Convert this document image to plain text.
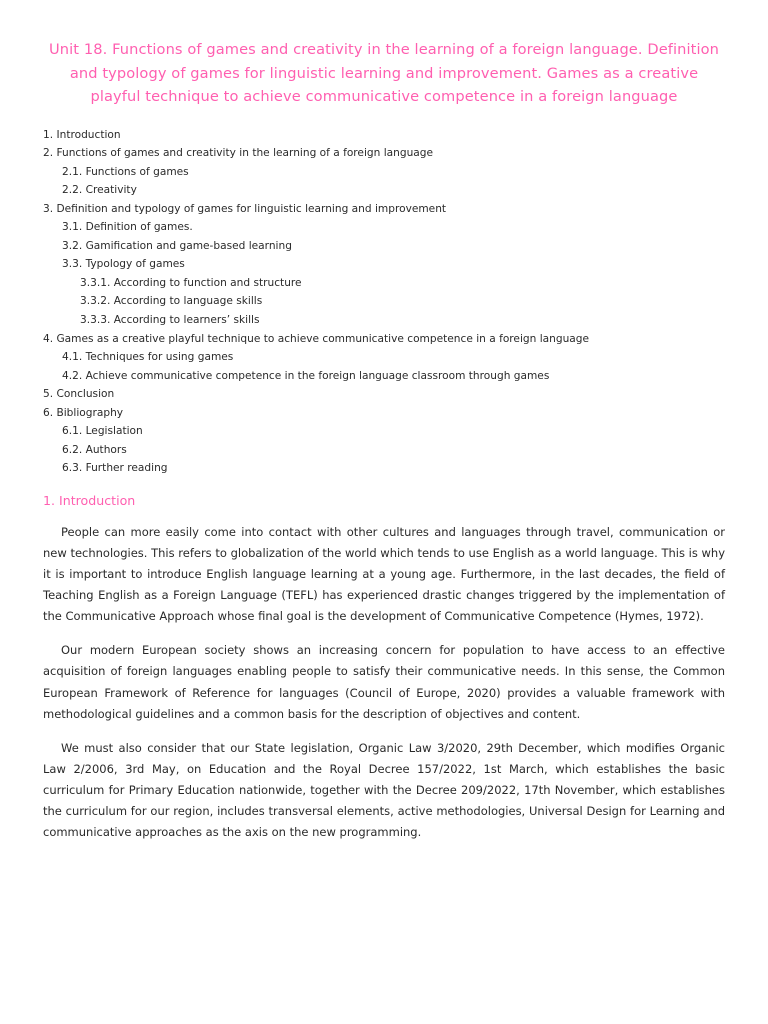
Unit 18. Functions of games and creativity in the learning of a foreign language. Definition and typology of games for linguistic learning and improvement. Games as a creative playful technique to achieve communicative competence in a foreign language
1. Introduction
2. Functions of games and creativity in the learning of a foreign language
2.1. Functions of games
2.2. Creativity
3. Definition and typology of games for linguistic learning and improvement
3.1. Definition of games.
3.2. Gamification and game-based learning
3.3. Typology of games
3.3.1. According to function and structure
3.3.2. According to language skills
3.3.3. According to learners’ skills
4. Games as a creative playful technique to achieve communicative competence in a foreign language
4.1. Techniques for using games
4.2. Achieve communicative competence in the foreign language classroom through games
5. Conclusion
6. Bibliography
6.1. Legislation
6.2. Authors
6.3. Further reading
1. Introduction

People can more easily come into contact with other cultures and languages through travel, communication or new technologies. This refers to globalization of the world which tends to use English as a world language. This is why it is important to introduce English language learning at a young age. Furthermore, in the last decades, the field of Teaching English as a Foreign Language (TEFL) has experienced drastic changes triggered by the implementation of the Communicative Approach whose final goal is the development of Communicative Competence (Hymes, 1972).

Our modern European society shows an increasing concern for population to have access to an effective acquisition of foreign languages enabling people to satisfy their communicative needs. In this sense, the Common European Framework of Reference for languages (Council of Europe, 2020) provides a valuable framework with methodological guidelines and a common basis for the description of objectives and content.

We must also consider that our State legislation, Organic Law 3/2020, 29th December, which modifies Organic Law 2/2006, 3rd May, on Education and the Royal Decree 157/2022, 1st March, which establishes the basic curriculum for Primary Education nationwide, together with the Decree 209/2022, 17th November, which establishes the curriculum for our region, includes transversal elements, active methodologies, Universal Design for Learning and communicative approaches as the axis on the new programming.
